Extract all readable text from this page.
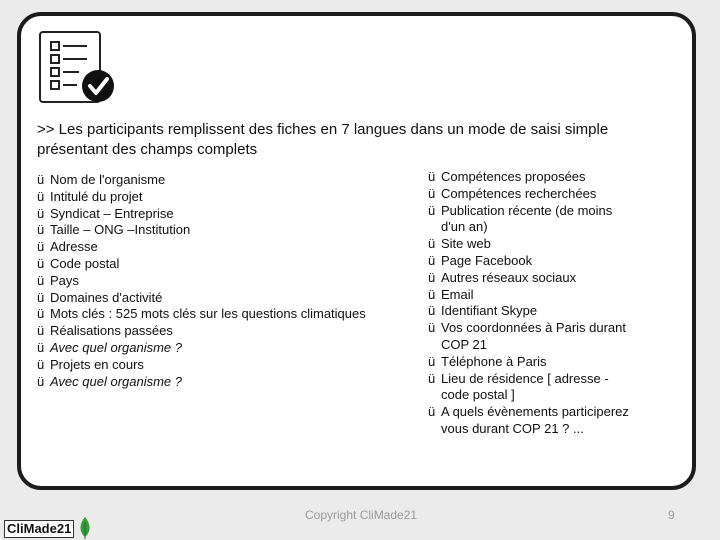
>> Les participants remplissent des fiches en 7 langues dans un mode de saisi simple présentant des champs complets
ü Nom de l'organisme
ü Intitulé du projet
ü Syndicat – Entreprise
ü Taille – ONG –Institution
ü Adresse
ü Code postal
ü Pays
ü Domaines d'activité
ü Mots clés : 525 mots clés sur les questions climatiques
ü Réalisations passées
ü Avec quel organisme ?
ü Projets en cours
ü Avec quel organisme ?
ü Compétences proposées
ü Compétences recherchées
ü Publication récente (de moins
d'un an)
ü Site web
ü Page Facebook
ü Autres réseaux sociaux
ü Email
ü Identifiant Skype
ü Vos coordonnées à Paris durant
COP 21
ü Téléphone à Paris
ü Lieu de résidence [ adresse -
code postal ]
ü A quels évènements participerez
vous durant COP 21 ? ...
Copyright CliMade21	9
CliMade21
